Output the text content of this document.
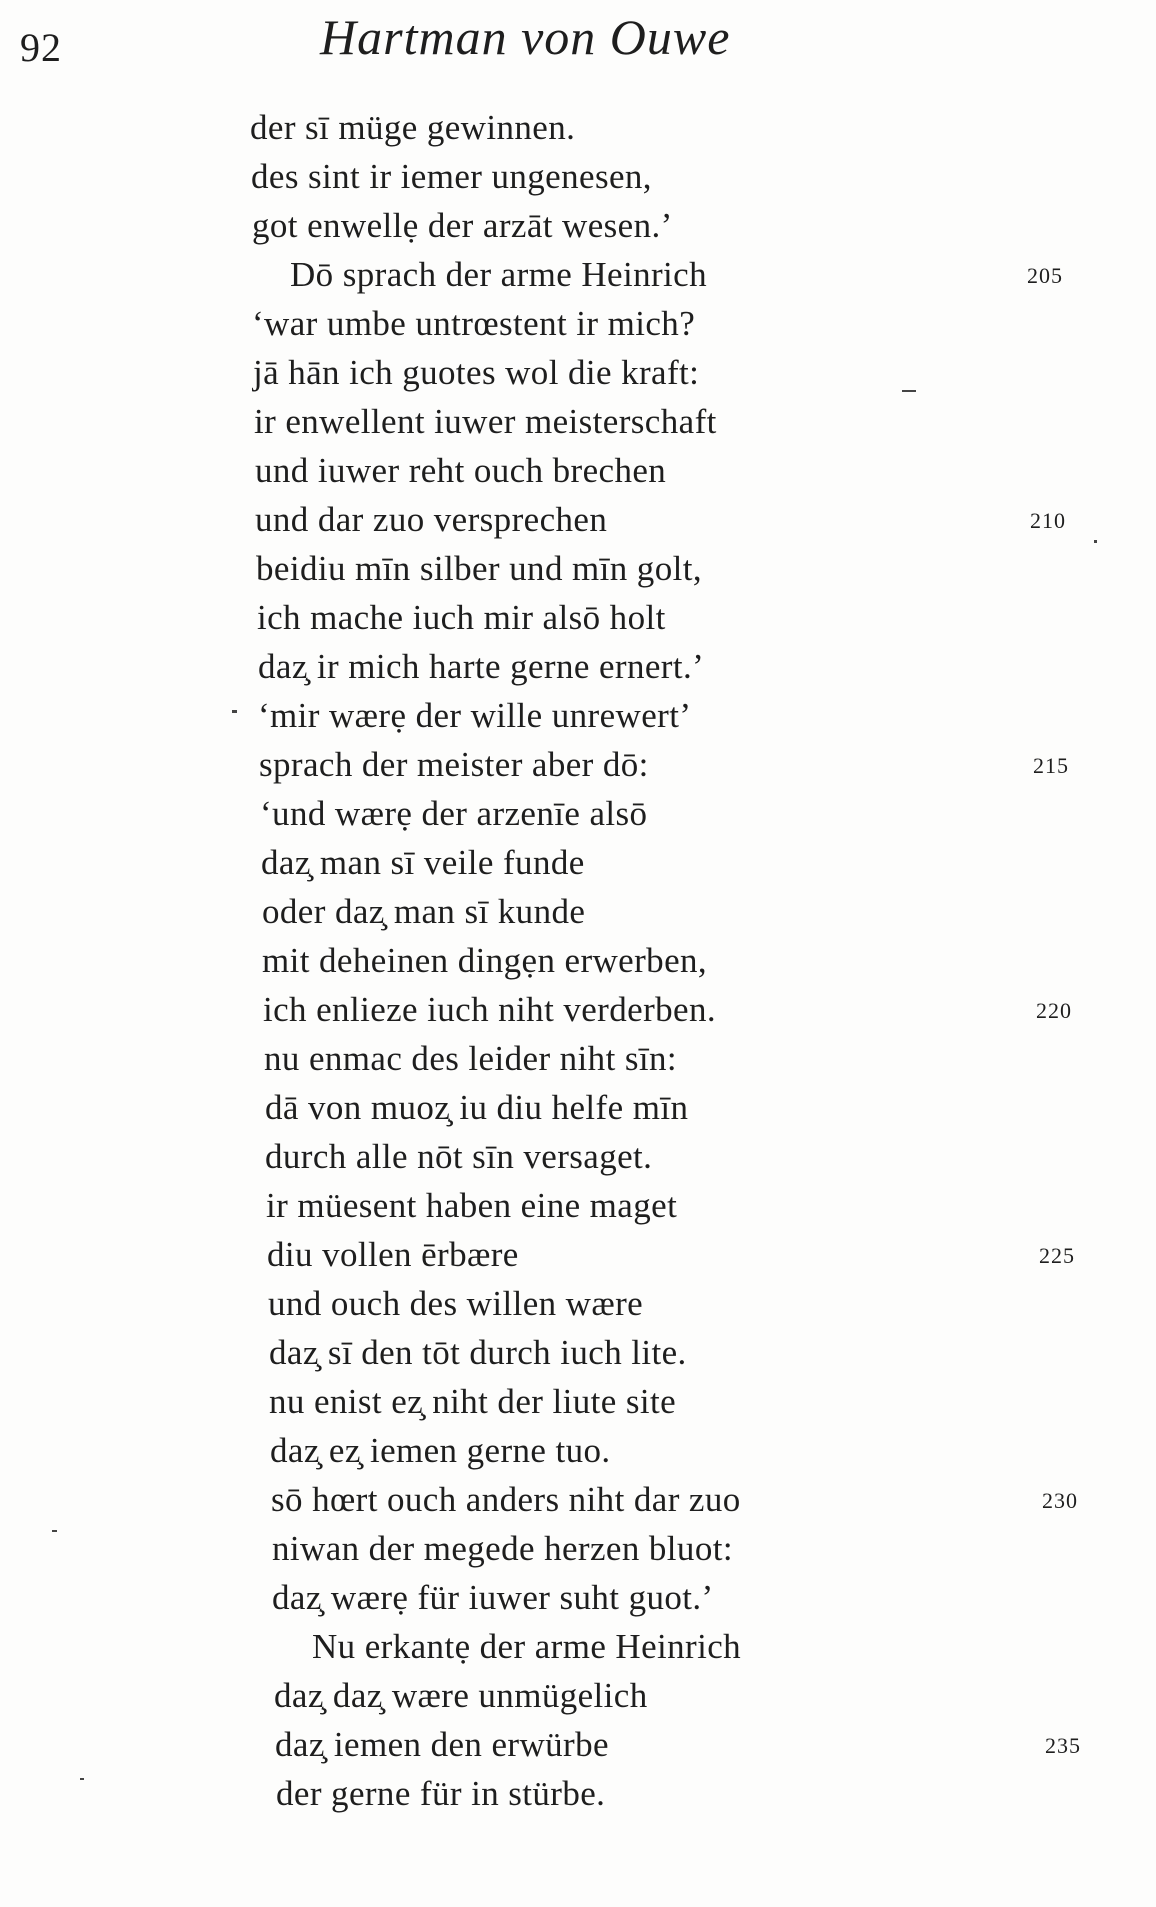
92	Hartman von Ouwe
der sī müge gewinnen.
des sint ir iemer ungenesen,
got enwellẹ der arzāt wesen.’
Dō sprach der arme Heinrich
‘war umbe untrœstent ir mich?
jā hān ich guotes wol die kraft:
ir enwellent iuwer meisterschaft
und iuwer reht ouch brechen
und dar zuo versprechen
beidiu mīn silber und mīn golt,
ich mache iuch mir alsō holt
daz̧ ir mich harte gerne ernert.’
‘mir wærẹ der wille unrewert’
sprach der meister aber dō:
‘und wærẹ der arzenīe alsō
daz̧ man sī veile funde
oder daz̧ man sī kunde
mit deheinen dingẹn erwerben,
ich enlieze iuch niht verderben.
nu enmac des leider niht sīn:
dā von muoz̧ iu diu helfe mīn
durch alle nōt sīn versaget.
ir müesent haben eine maget
diu vollen ērbære
und ouch des willen wære
daz̧ sī den tōt durch iuch lite.
nu enist ez̧ niht der liute site
daz̧ ez̧ iemen gerne tuo.
sō hœrt ouch anders niht dar zuo
niwan der megede herzen bluot:
daz̧ wærẹ für iuwer suht guot.’
Nu erkantẹ der arme Heinrich
daz̧ daz̧ wære unmügelich
daz̧ iemen den erwürbe
der gerne für in stürbe.
205
210
215
220
225
230
235
